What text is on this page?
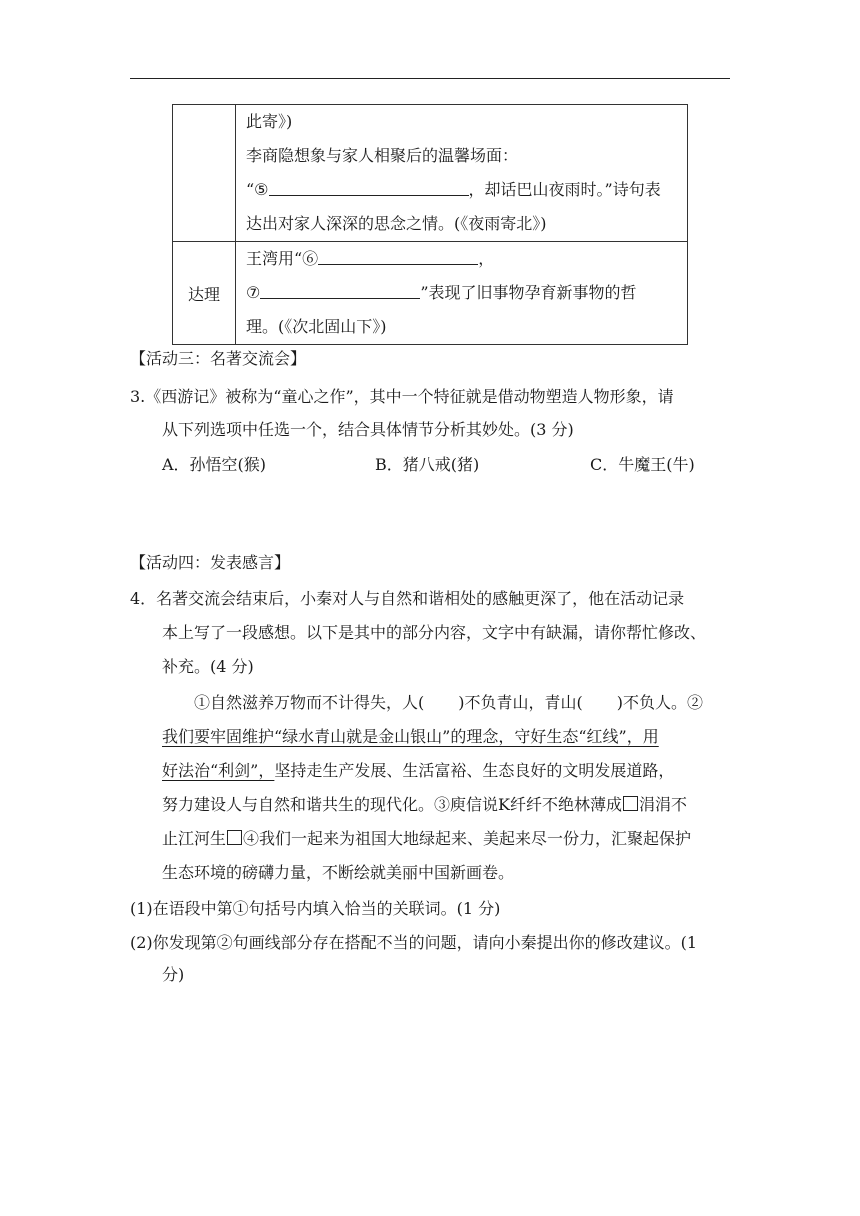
	此寄》)
李商隐想象与家人相聚后的温馨场面：
“⑤ ，却话巴山夜雨时。”诗句表
达出对家人深深的思念之情。(《夜雨寄北》)

达理	王湾用“⑥ ，
⑦ ”表现了旧事物孕育新事物的哲
理。(《次北固山下》)
【活动三：名著交流会】
3.《西游记》被称为“童心之作”，其中一个特征就是借动物塑造人物形象，请
从下列选项中任选一个，结合具体情节分析其妙处。(3 分)
A．孙悟空(猴)	B．猪八戒(猪)	C．牛魔王(牛)
【活动四：发表感言】
4．名著交流会结束后，小秦对人与自然和谐相处的感触更深了，他在活动记录
本上写了一段感想。以下是其中的部分内容，文字中有缺漏，请你帮忙修改、
补充。(4 分)
①自然滋养万物而不计得失，人( )不负青山，青山( )不负人。②
我们要牢固维护“绿水青山就是金山银山”的理念，守好生态“红线”，用
好法治“利剑”，坚持走生产发展、生活富裕、生态良好的文明发展道路，
努力建设人与自然和谐共生的现代化。③庾信说K纤纤不绝林薄成 涓涓不
止江河生 ④我们一起来为祖国大地绿起来、美起来尽一份力，汇聚起保护
生态环境的磅礴力量，不断绘就美丽中国新画卷。
(1)在语段中第①句括号内填入恰当的关联词。(1 分)
(2)你发现第②句画线部分存在搭配不当的问题，请向小秦提出你的修改建议。(1
分)
